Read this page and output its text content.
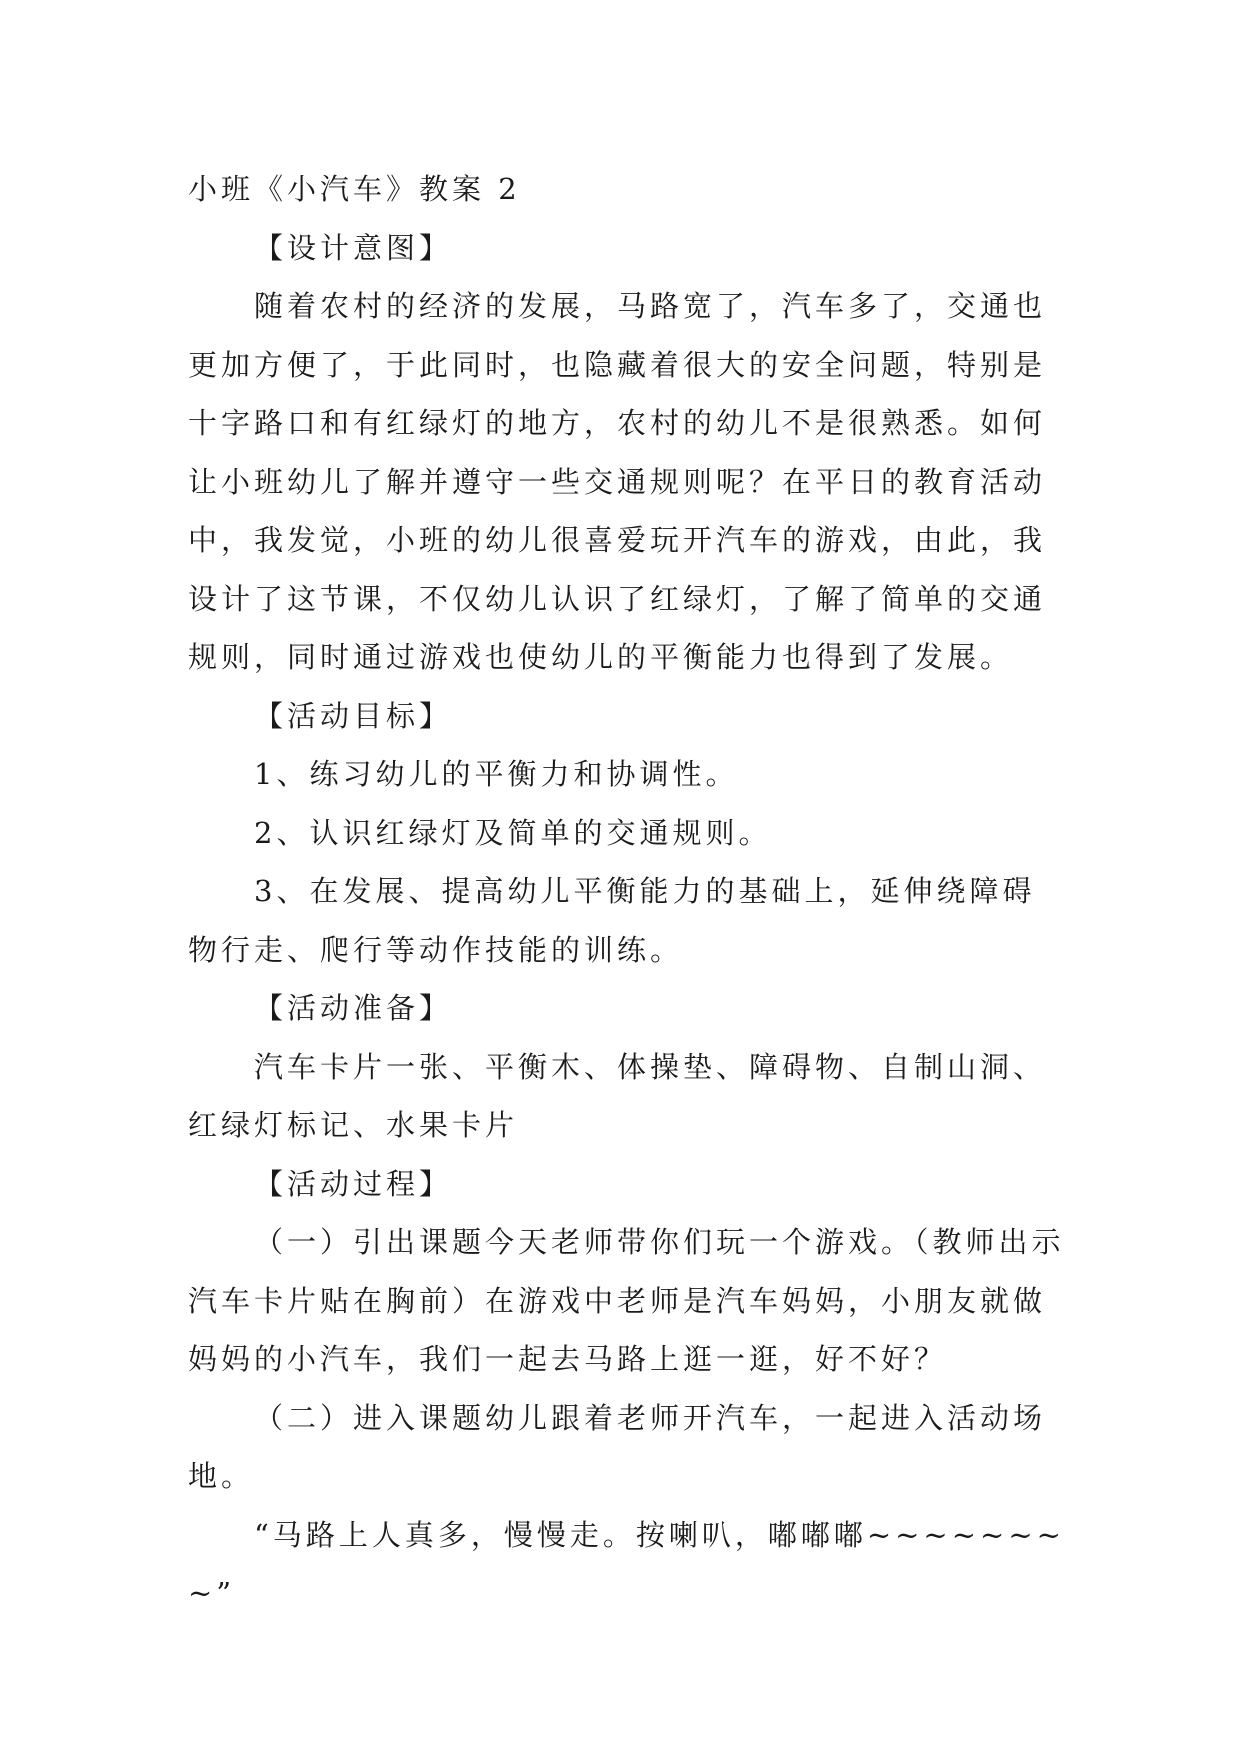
小班《小汽车》教案 2

【设计意图】

随着农村的经济的发展，马路宽了，汽车多了，交通也更加方便了，于此同时，也隐藏着很大的安全问题，特别是十字路口和有红绿灯的地方，农村的幼儿不是很熟悉。如何让小班幼儿了解并遵守一些交通规则呢？在平日的教育活动中，我发觉，小班的幼儿很喜爱玩开汽车的游戏，由此，我设计了这节课，不仅幼儿认识了红绿灯，了解了简单的交通规则，同时通过游戏也使幼儿的平衡能力也得到了发展。

【活动目标】

1、练习幼儿的平衡力和协调性。

2、认识红绿灯及简单的交通规则。

3、在发展、提高幼儿平衡能力的基础上，延伸绕障碍物行走、爬行等动作技能的训练。

【活动准备】

汽车卡片一张、平衡木、体操垫、障碍物、自制山洞、红绿灯标记、水果卡片

【活动过程】

（一）引出课题今天老师带你们玩一个游戏。（教师出示汽车卡片贴在胸前）在游戏中老师是汽车妈妈，小朋友就做妈妈的小汽车，我们一起去马路上逛一逛，好不好？

（二）进入课题幼儿跟着老师开汽车，一起进入活动场地。

“马路上人真多，慢慢走。按喇叭，嘟嘟嘟~~~~~~~~”
